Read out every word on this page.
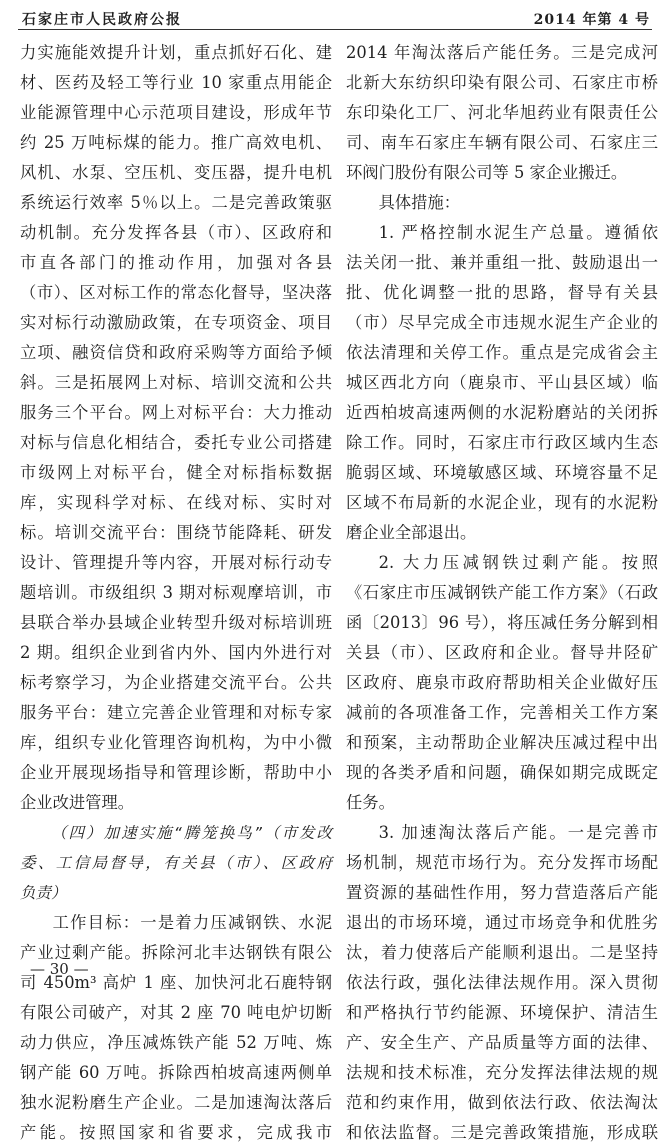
石家庄市人民政府公报	2014 年第 4 号
力实施能效提升计划，重点抓好石化、建
材、医药及轻工等行业 10 家重点用能企
业能源管理中心示范项目建设，形成年节
约 25 万吨标煤的能力。推广高效电机、
风机、水泵、空压机、变压器，提升电机
系统运行效率 5％以上。二是完善政策驱
动机制。充分发挥各县（市）、区政府和
市直各部门的推动作用，加强对各县
（市）、区对标工作的常态化督导，坚决落
实对标行动激励政策，在专项资金、项目
立项、融资信贷和政府采购等方面给予倾
斜。三是拓展网上对标、培训交流和公共
服务三个平台。网上对标平台：大力推动
对标与信息化相结合，委托专业公司搭建
市级网上对标平台，健全对标指标数据
库，实现科学对标、在线对标、实时对
标。培训交流平台：围绕节能降耗、研发
设计、管理提升等内容，开展对标行动专
题培训。市级组织 3 期对标观摩培训，市
县联合举办县域企业转型升级对标培训班
2 期。组织企业到省内外、国内外进行对
标考察学习，为企业搭建交流平台。公共
服务平台：建立完善企业管理和对标专家
库，组织专业化管理咨询机构，为中小微
企业开展现场指导和管理诊断，帮助中小
企业改进管理。
（四）加速实施“腾笼换鸟”（市发改
委、工信局督导，有关县（市）、区政府
负责）
工作目标：一是着力压减钢铁、水泥
产业过剩产能。拆除河北丰达钢铁有限公
司 450m³ 高炉 1 座、加快河北石鹿特钢
有限公司破产，对其 2 座 70 吨电炉切断
动力供应，净压减炼铁产能 52 万吨、炼
钢产能 60 万吨。拆除西柏坡高速两侧单
独水泥粉磨生产企业。二是加速淘汰落后
产能。按照国家和省要求，完成我市
2014 年淘汰落后产能任务。三是完成河
北新大东纺织印染有限公司、石家庄市桥
东印染化工厂、河北华旭药业有限责任公
司、南车石家庄车辆有限公司、石家庄三
环阀门股份有限公司等 5 家企业搬迁。
具体措施：
1. 严格控制水泥生产总量。遵循依
法关闭一批、兼并重组一批、鼓励退出一
批、优化调整一批的思路，督导有关县
（市）尽早完成全市违规水泥生产企业的
依法清理和关停工作。重点是完成省会主
城区西北方向（鹿泉市、平山县区域）临
近西柏坡高速两侧的水泥粉磨站的关闭拆
除工作。同时，石家庄市行政区域内生态
脆弱区域、环境敏感区域、环境容量不足
区域不布局新的水泥企业，现有的水泥粉
磨企业全部退出。
2. 大力压减钢铁过剩产能。按照
《石家庄市压减钢铁产能工作方案》（石政
函〔2013〕96 号），将压减任务分解到相
关县（市）、区政府和企业。督导井陉矿
区政府、鹿泉市政府帮助相关企业做好压
减前的各项准备工作，完善相关工作方案
和预案，主动帮助企业解决压减过程中出
现的各类矛盾和问题，确保如期完成既定
任务。
3. 加速淘汰落后产能。一是完善市
场机制，规范市场行为。充分发挥市场配
置资源的基础性作用，努力营造落后产能
退出的市场环境，通过市场竞争和优胜劣
汰，着力使落后产能顺利退出。二是坚持
依法行政，强化法律法规作用。深入贯彻
和严格执行节约能源、环境保护、清洁生
产、安全生产、产品质量等方面的法律、
法规和技术标准，充分发挥法律法规的规
范和约束作用，做到依法行政、依法淘汰
和依法监督。三是完善政策措施，形成联
— 30 —
